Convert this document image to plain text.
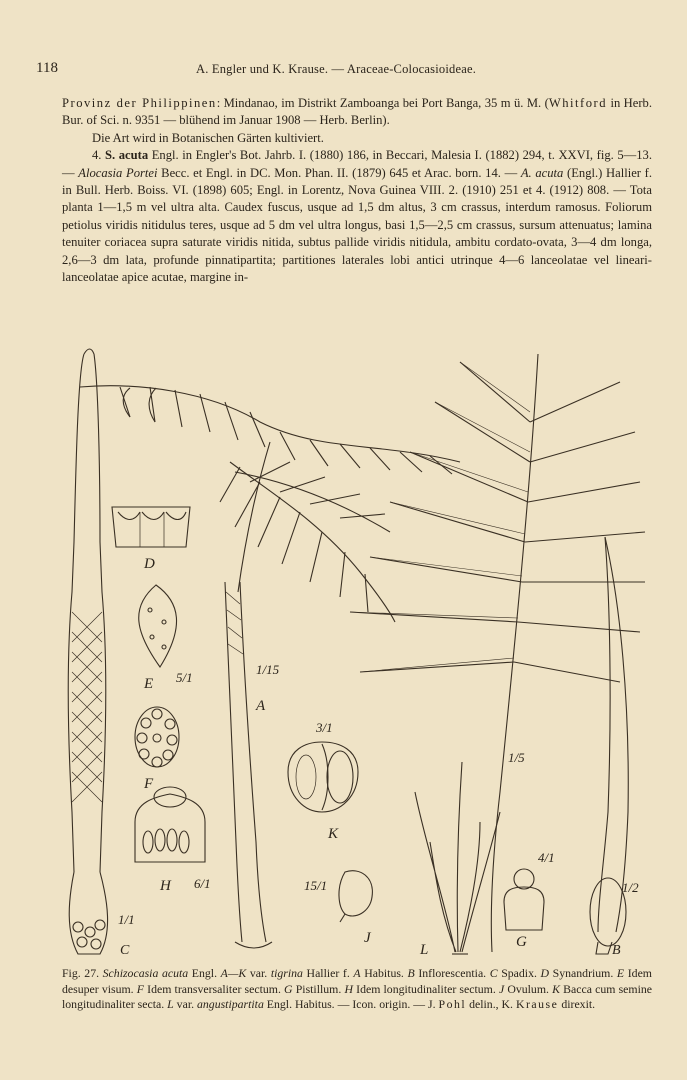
118	A. Engler und K. Krause. — Araceae-Colocasioideae.

Provinz der Philippinen: Mindanao, im Distrikt Zamboanga bei Port Banga, 35 m ü. M. (Whitford in Herb. Bur. of Sci. n. 9351 — blühend im Januar 1908 — Herb. Berlin).

Die Art wird in Botanischen Gärten kultiviert.

4. S. acuta Engl. in Engler's Bot. Jahrb. I. (1880) 186, in Beccari, Malesia I. (1882) 294, t. XXVI, fig. 5—13. — Alocasia Portei Becc. et Engl. in DC. Mon. Phan. II. (1879) 645 et Arac. born. 14. — A. acuta (Engl.) Hallier f. in Bull. Herb. Boiss. VI. (1898) 605; Engl. in Lorentz, Nova Guinea VIII. 2. (1910) 251 et 4. (1912) 808. — Tota planta 1—1,5 m vel ultra alta. Caudex fuscus, usque ad 1,5 dm altus, 3 cm crassus, interdum ramosus. Foliorum petiolus viridis nitidulus teres, usque ad 5 dm vel ultra longus, basi 1,5—2,5 cm crassus, sursum attenuatus; lamina tenuiter coriacea supra saturate viridis nitida, subtus pallide viridis nitidula, ambitu cordato-ovata, 3—4 dm longa, 2,6—3 dm lata, profunde pinnatipartita; partitiones laterales lobi antici utrinque 4—6 lanceolatae vel lineari-lanceolatae apice acutae, margine in-

D
E
F
H
C
A
K
J
L	G
B
5/1
1/15
3/1
6/1
1/1
15/1
1/5
4/1
1/2
Fig. 27. Schizocasia acuta Engl. A—K var. tigrina Hallier f. A Habitus. B Inflorescentia. C Spadix. D Synandrium. E Idem desuper visum. F Idem transversaliter sectum. G Pistillum. H Idem longitudinaliter sectum. J Ovulum. K Bacca cum semine longitudinaliter secta. L var. angustipartita Engl. Habitus. — Icon. origin. — J. Pohl delin., K. Krause direxit.
